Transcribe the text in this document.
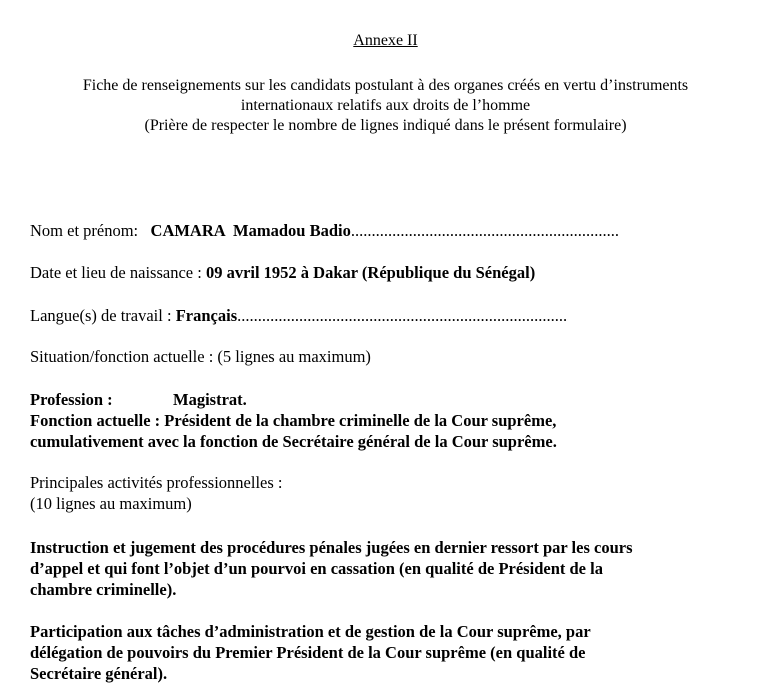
Annexe II
Fiche de renseignements sur les candidats postulant à des organes créés en vertu d’instruments
internationaux relatifs aux droits de l’homme
(Prière de respecter le nombre de lignes indiqué dans le présent formulaire)
Nom et prénom: CAMARA  Mamadou Badio.................................................................
Date et lieu de naissance : 09 avril 1952 à Dakar (République du Sénégal)
Langue(s) de travail : Français................................................................................
Situation/fonction actuelle : (5 lignes au maximum)
Profession :	Magistrat.
Fonction actuelle : Président de la chambre criminelle de la Cour suprême,
cumulativement avec la fonction de Secrétaire général de la Cour suprême.
Principales activités professionnelles :
(10 lignes au maximum)
Instruction et jugement des procédures pénales jugées en dernier ressort par les cours
d’appel et qui font l’objet d’un pourvoi en cassation (en qualité de Président de la
chambre criminelle).
Participation aux tâches d’administration et de gestion de la Cour suprême, par
délégation de pouvoirs du Premier Président de la Cour suprême (en qualité de
Secrétaire général).
